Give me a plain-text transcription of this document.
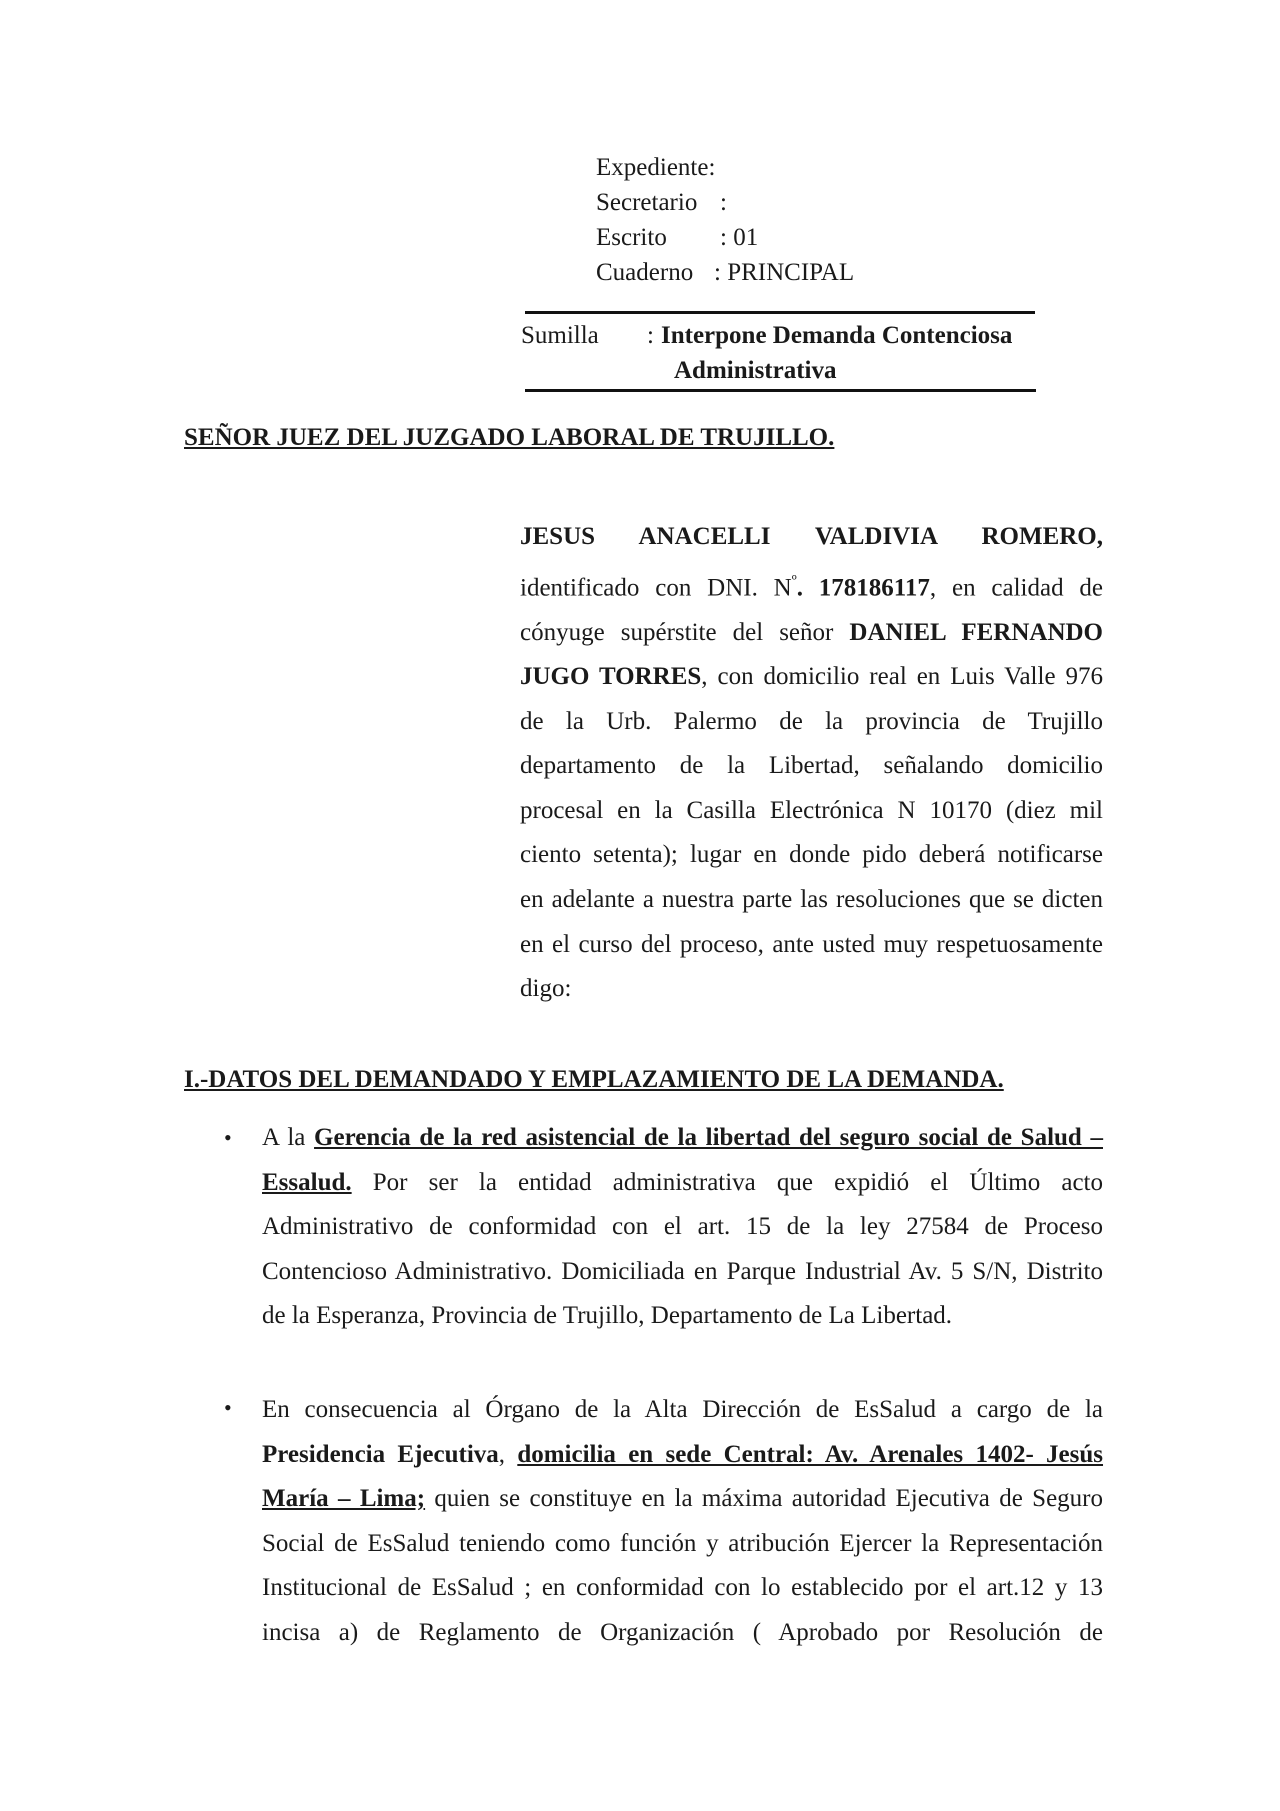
Expediente:
Secretario :
Escrito	: 01
Cuaderno : PRINCIPAL
Sumilla : Interpone Demanda Contenciosa
Administrativa
SEÑOR JUEZ DEL JUZGADO LABORAL DE TRUJILLO.
JESUS ANACELLI VALDIVIA ROMERO,
identificado con DNI. $N^º$. 178186117, en calidad de
cónyuge supérstite del señor DANIEL FERNANDO
JUGO TORRES, con domicilio real en Luis Valle 976
de la Urb. Palermo de la provincia de Trujillo
departamento de la Libertad, señalando domicilio
procesal en la Casilla Electrónica N 10170 (diez mil
ciento setenta); lugar en donde pido deberá notificarse
en adelante a nuestra parte las resoluciones que se dicten
en el curso del proceso, ante usted muy respetuosamente
digo:
I.-DATOS DEL DEMANDADO Y EMPLAZAMIENTO DE LA DEMANDA.
• A la Gerencia de la red asistencial de la libertad del seguro social de Salud –
Essalud. Por ser la entidad administrativa que expidió el Último acto
Administrativo de conformidad con el art. 15 de la ley 27584 de Proceso
Contencioso Administrativo. Domiciliada en Parque Industrial Av. 5 S/N, Distrito
de la Esperanza, Provincia de Trujillo, Departamento de La Libertad.
• En consecuencia al Órgano de la Alta Dirección de EsSalud a cargo de la
Presidencia Ejecutiva, domicilia en sede Central: Av. Arenales 1402- Jesús
María – Lima; quien se constituye en la máxima autoridad Ejecutiva de Seguro
Social de EsSalud teniendo como función y atribución Ejercer la Representación
Institucional de EsSalud ; en conformidad con lo establecido por el art.12 y 13
incisa a) de Reglamento de Organización ( Aprobado por Resolución de
